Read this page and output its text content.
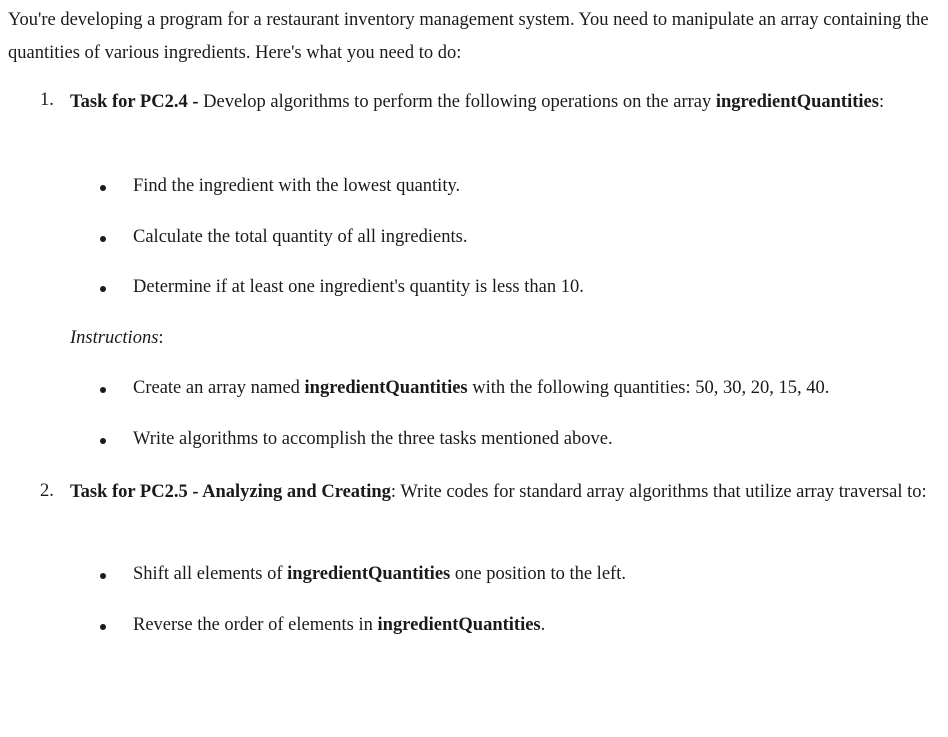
You're developing a program for a restaurant inventory management system. You need to manipulate an array containing the quantities of various ingredients. Here's what you need to do:

1. Task for PC2.4 - Develop algorithms to perform the following operations on the array ingredientQuantities:

Find the ingredient with the lowest quantity.
Calculate the total quantity of all ingredients.
Determine if at least one ingredient's quantity is less than 10.
Instructions:
Create an array named ingredientQuantities with the following quantities: 50, 30, 20, 15, 40.
Write algorithms to accomplish the three tasks mentioned above.
2. Task for PC2.5 - Analyzing and Creating: Write codes for standard array algorithms that utilize array traversal to:

Shift all elements of ingredientQuantities one position to the left.
Reverse the order of elements in ingredientQuantities.
